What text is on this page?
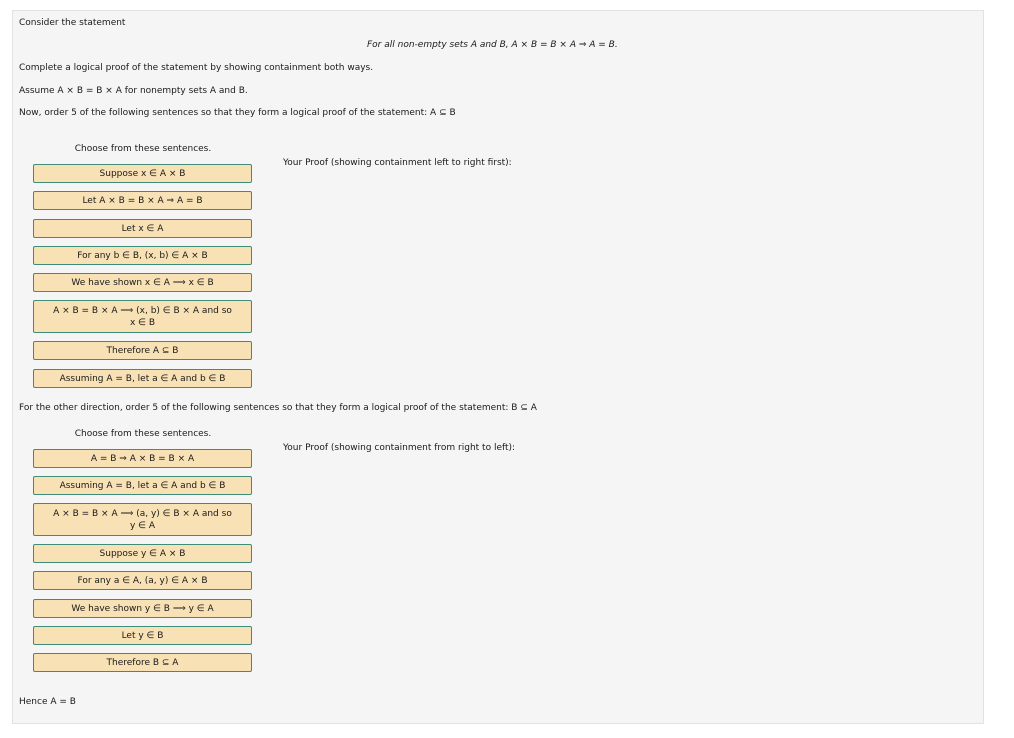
Consider the statement
For all non-empty sets A and B, A × B = B × A ⇒ A = B.
Complete a logical proof of the statement by showing containment both ways.
Assume A × B = B × A for nonempty sets A and B.
Now, order 5 of the following sentences so that they form a logical proof of the statement: A ⊆ B
Choose from these sentences.
Suppose x ∈ A × B
Let A × B = B × A ⇒ A = B
Let x ∈ A
For any b ∈ B, (x, b) ∈ A × B
We have shown x ∈ A ⟹ x ∈ B
A × B = B × A ⟹ (x, b) ∈ B × A and so
x ∈ B
Therefore A ⊆ B
Assuming A = B, let a ∈ A and b ∈ B
Your Proof (showing containment left to right first):
For the other direction, order 5 of the following sentences so that they form a logical proof of the statement: B ⊆ A
Choose from these sentences.
A = B ⇒ A × B = B × A
Assuming A = B, let a ∈ A and b ∈ B
A × B = B × A ⟹ (a, y) ∈ B × A and so
y ∈ A
Suppose y ∈ A × B
For any a ∈ A, (a, y) ∈ A × B
We have shown y ∈ B ⟹ y ∈ A
Let y ∈ B
Therefore B ⊆ A
Your Proof (showing containment from right to left):
Hence A = B
